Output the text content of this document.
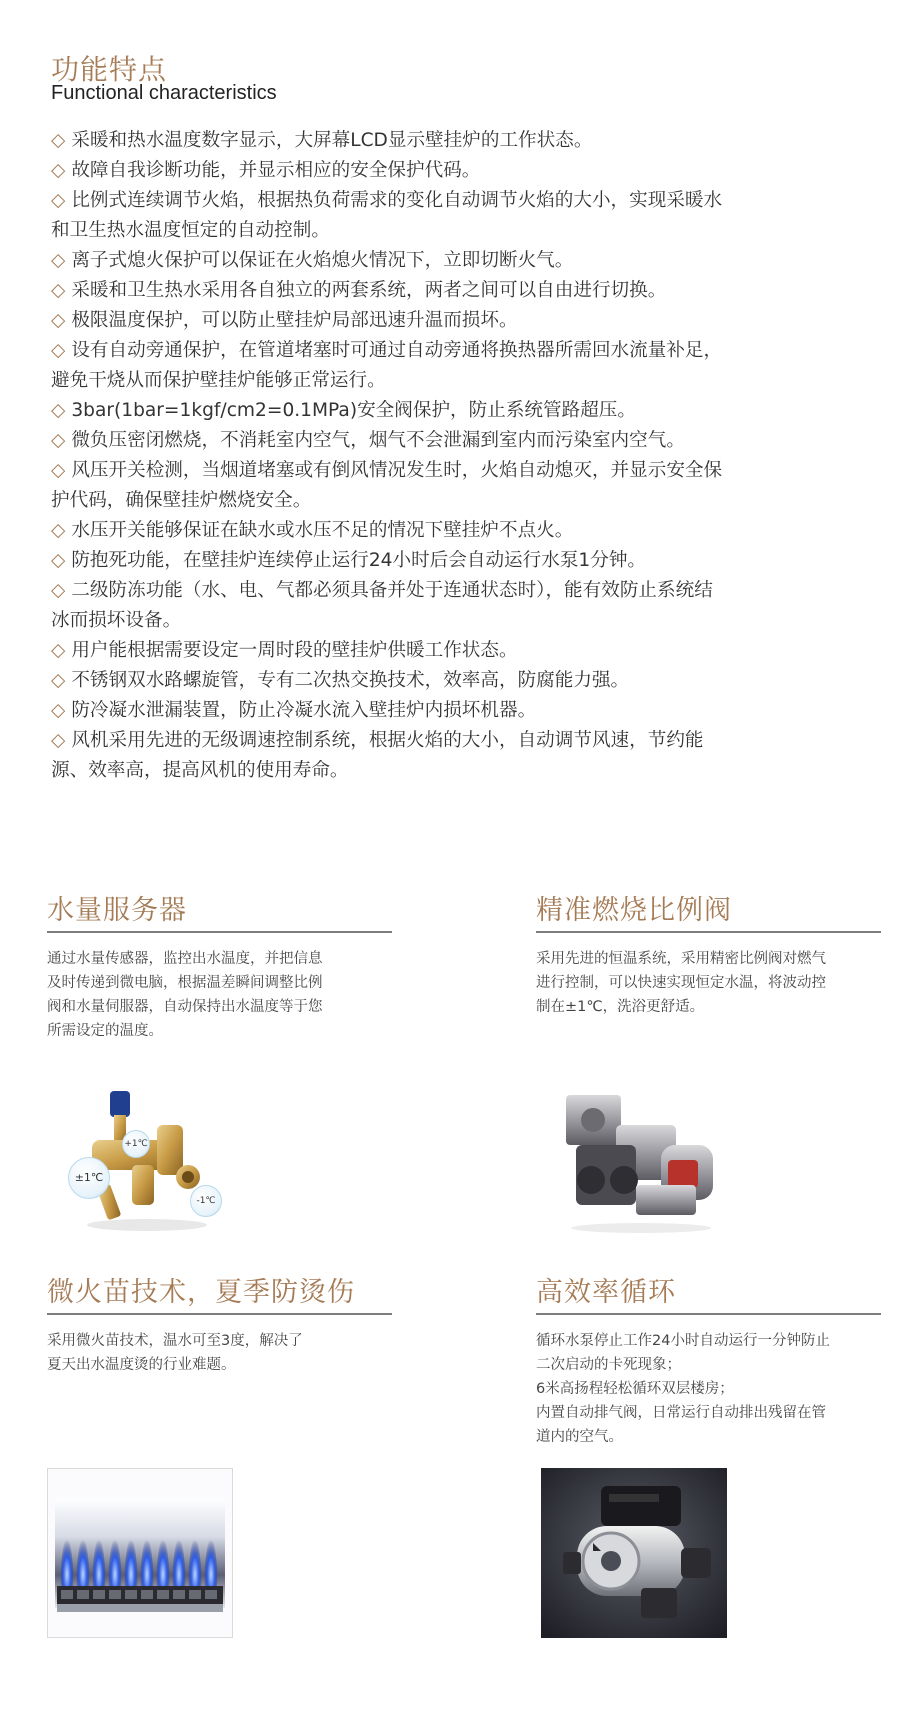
功能特点
Functional characteristics
◇ 采暖和热水温度数字显示，大屏幕LCD显示壁挂炉的工作状态。
◇ 故障自我诊断功能，并显示相应的安全保护代码。
◇ 比例式连续调节火焰，根据热负荷需求的变化自动调节火焰的大小，实现采暖水和卫生热水温度恒定的自动控制。
◇ 离子式熄火保护可以保证在火焰熄火情况下，立即切断火气。
◇ 采暖和卫生热水采用各自独立的两套系统，两者之间可以自由进行切换。
◇ 极限温度保护，可以防止壁挂炉局部迅速升温而损坏。
◇ 设有自动旁通保护，在管道堵塞时可通过自动旁通将换热器所需回水流量补足，避免干烧从而保护壁挂炉能够正常运行。
◇ 3bar(1bar=1kgf/cm2=0.1MPa)安全阀保护，防止系统管路超压。
◇ 微负压密闭燃烧，不消耗室内空气，烟气不会泄漏到室内而污染室内空气。
◇ 风压开关检测，当烟道堵塞或有倒风情况发生时，火焰自动熄灭，并显示安全保护代码，确保壁挂炉燃烧安全。
◇ 水压开关能够保证在缺水或水压不足的情况下壁挂炉不点火。
◇ 防抱死功能，在壁挂炉连续停止运行24小时后会自动运行水泵1分钟。
◇ 二级防冻功能（水、电、气都必须具备并处于连通状态时），能有效防止系统结冰而损坏设备。
◇ 用户能根据需要设定一周时段的壁挂炉供暖工作状态。
◇ 不锈钢双水路螺旋管，专有二次热交换技术，效率高，防腐能力强。
◇ 防冷凝水泄漏装置，防止冷凝水流入壁挂炉内损坏机器。
◇ 风机采用先进的无级调速控制系统，根据火焰的大小，自动调节风速，节约能源、效率高，提高风机的使用寿命。
水量服务器

通过水量传感器，监控出水温度，并把信息

及时传递到微电脑，根据温差瞬间调整比例

阀和水量伺服器，自动保持出水温度等于您

所需设定的温度。

精准燃烧比例阀

采用先进的恒温系统，采用精密比例阀对燃气

进行控制，可以快速实现恒定水温，将波动控

制在±1℃，洗浴更舒适。

±1℃
+1℃
-1℃
微火苗技术，夏季防烫伤

采用微火苗技术，温水可至3度，解决了

夏天出水温度烫的行业难题。

高效率循环

循环水泵停止工作24小时自动运行一分钟防止

二次启动的卡死现象；

6米高扬程轻松循环双层楼房；

内置自动排气阀，日常运行自动排出残留在管

道内的空气。
